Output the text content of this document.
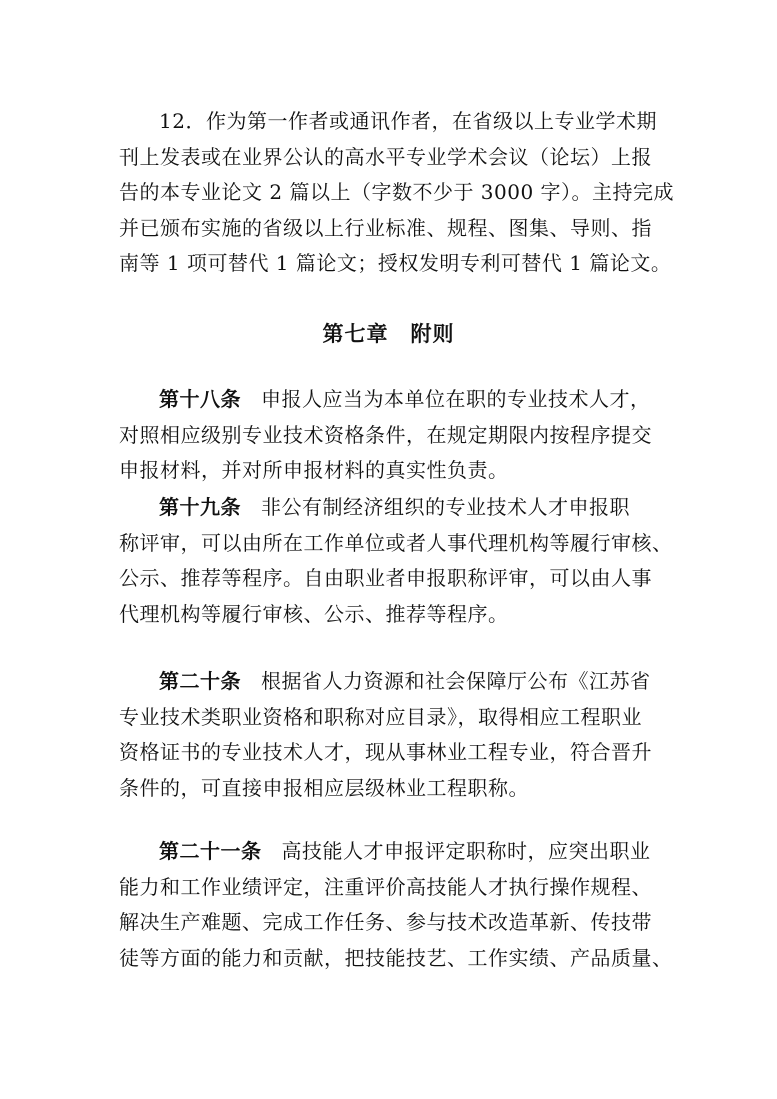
12．作为第一作者或通讯作者，在省级以上专业学术期
刊上发表或在业界公认的高水平专业学术会议（论坛）上报
告的本专业论文 2 篇以上（字数不少于 3000 字）。主持完成
并已颁布实施的省级以上行业标准、规程、图集、导则、指
南等 1 项可替代 1 篇论文；授权发明专利可替代 1 篇论文。
第七章　附则
第十八条 申报人应当为本单位在职的专业技术人才，
对照相应级别专业技术资格条件，在规定期限内按程序提交
申报材料，并对所申报材料的真实性负责。
第十九条 非公有制经济组织的专业技术人才申报职
称评审，可以由所在工作单位或者人事代理机构等履行审核、
公示、推荐等程序。自由职业者申报职称评审，可以由人事
代理机构等履行审核、公示、推荐等程序。
第二十条 根据省人力资源和社会保障厅公布《江苏省
专业技术类职业资格和职称对应目录》，取得相应工程职业
资格证书的专业技术人才，现从事林业工程专业，符合晋升
条件的，可直接申报相应层级林业工程职称。
第二十一条 高技能人才申报评定职称时，应突出职业
能力和工作业绩评定，注重评价高技能人才执行操作规程、
解决生产难题、完成工作任务、参与技术改造革新、传技带
徒等方面的能力和贡献，把技能技艺、工作实绩、产品质量、
